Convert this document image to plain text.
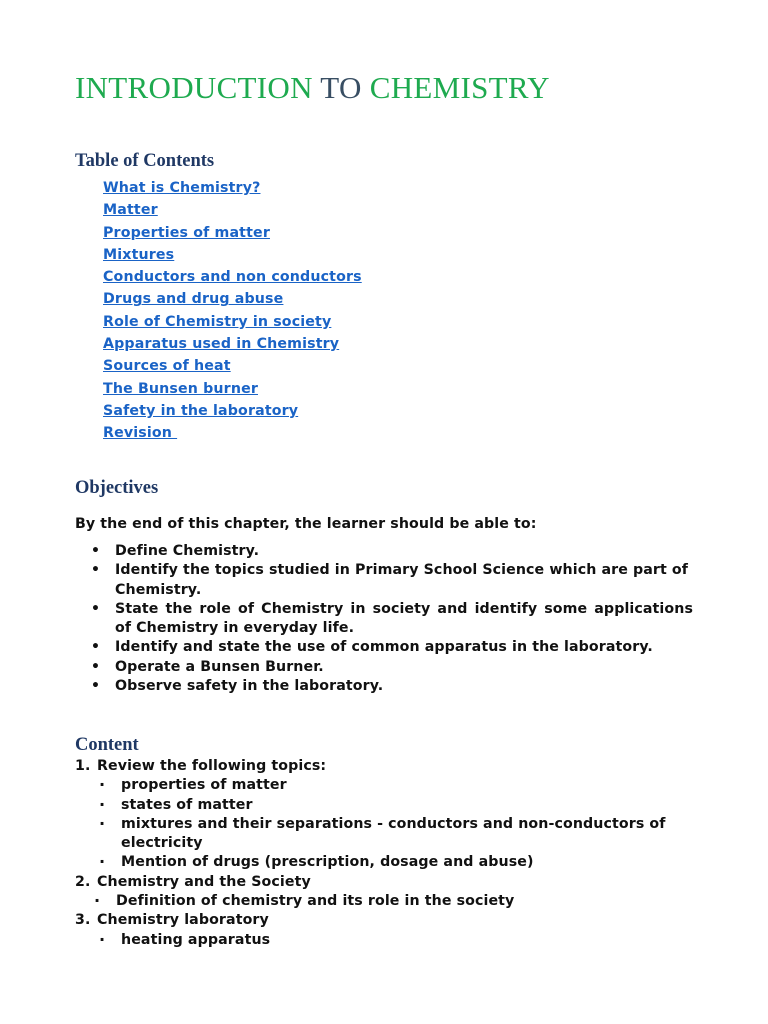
INTRODUCTION TO CHEMISTRY
Table of Contents
What is Chemistry?
Matter
Properties of matter
Mixtures
Conductors and non conductors
Drugs and drug abuse
Role of Chemistry in society
Apparatus used in Chemistry
Sources of heat
The Bunsen burner
Safety in the laboratory
Revision
Objectives

By the end of this chapter, the learner should be able to:

• Define Chemistry.
• Identify the topics studied in Primary School Science which are part of Chemistry.
• State the role of Chemistry in society and identify some applications of Chemistry in everyday life.
• Identify and state the use of common apparatus in the laboratory.
• Operate a Bunsen Burner.
• Observe safety in the laboratory.
Content
1. Review the following topics:
· properties of matter
· states of matter
· mixtures and their separations - conductors and non-conductors of electricity
· Mention of drugs (prescription, dosage and abuse)
2. Chemistry and the Society
· Definition of chemistry and its role in the society
3. Chemistry laboratory
· heating apparatus
